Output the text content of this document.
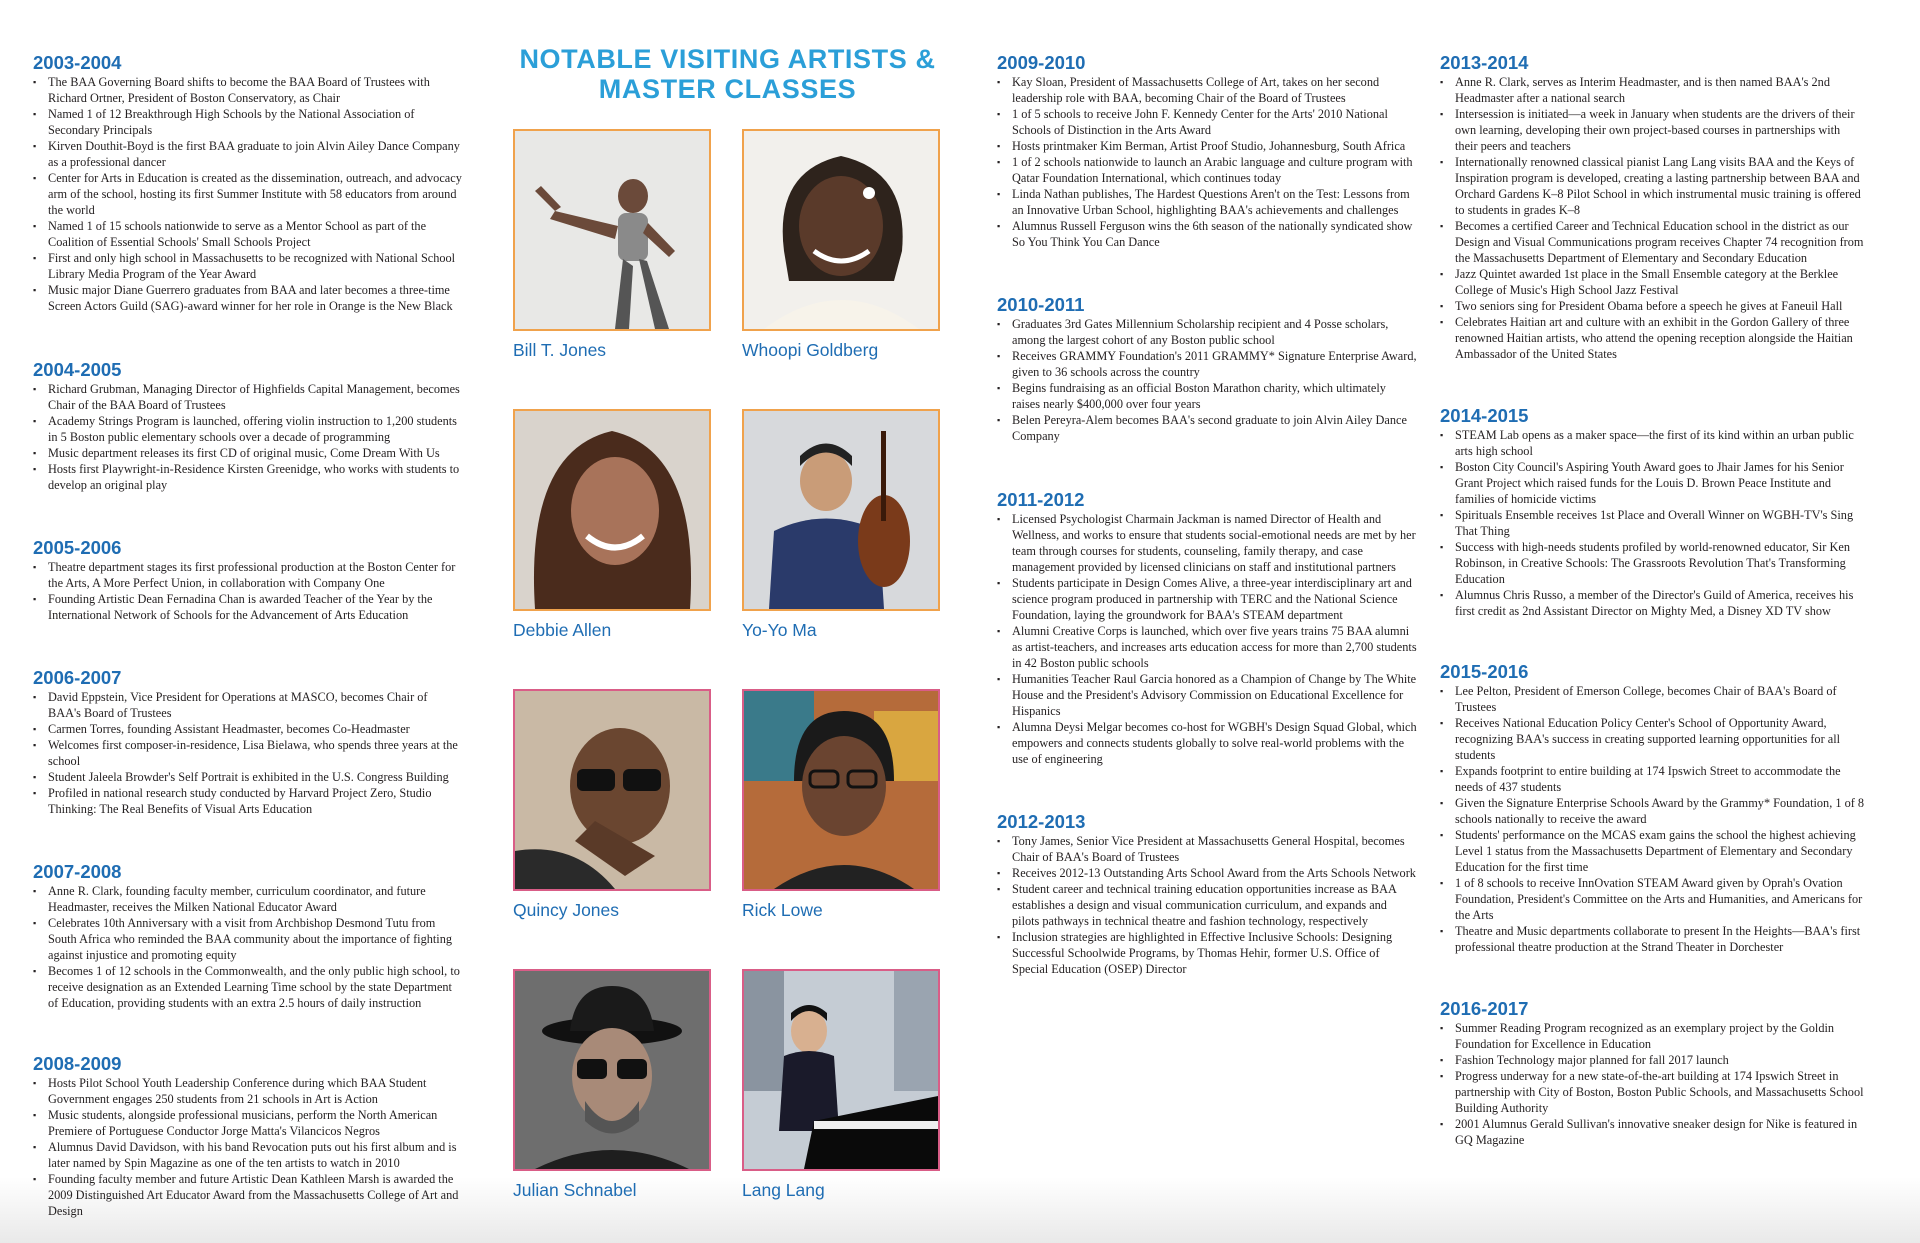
2003-2004
▪ The BAA Governing Board shifts to become the BAA Board of Trustees with Richard Ortner, President of Boston Conservatory, as Chair
▪ Named 1 of 12 Breakthrough High Schools by the National Association of Secondary Principals
▪ Kirven Douthit-Boyd is the first BAA graduate to join Alvin Ailey Dance Company as a professional dancer
▪ Center for Arts in Education is created as the dissemination, outreach, and advocacy arm of the school, hosting its first Summer Institute with 58 educators from around the world
▪ Named 1 of 15 schools nationwide to serve as a Mentor School as part of the Coalition of Essential Schools' Small Schools Project
▪ First and only high school in Massachusetts to be recognized with National School Library Media Program of the Year Award
▪ Music major Diane Guerrero graduates from BAA and later becomes a three-time Screen Actors Guild (SAG)-award winner for her role in Orange is the New Black
2004-2005
▪ Richard Grubman, Managing Director of Highfields Capital Management, becomes Chair of the BAA Board of Trustees
▪ Academy Strings Program is launched, offering violin instruction to 1,200 students in 5 Boston public elementary schools over a decade of programming
▪ Music department releases its first CD of original music, Come Dream With Us
▪ Hosts first Playwright-in-Residence Kirsten Greenidge, who works with students to develop an original play
2005-2006
▪ Theatre department stages its first professional production at the Boston Center for the Arts, A More Perfect Union, in collaboration with Company One
▪ Founding Artistic Dean Fernadina Chan is awarded Teacher of the Year by the International Network of Schools for the Advancement of Arts Education
2006-2007
▪ David Eppstein, Vice President for Operations at MASCO, becomes Chair of BAA's Board of Trustees
▪ Carmen Torres, founding Assistant Headmaster, becomes Co-Headmaster
▪ Welcomes first composer-in-residence, Lisa Bielawa, who spends three years at the school
▪ Student Jaleela Browder's Self Portrait is exhibited in the U.S. Congress Building
▪ Profiled in national research study conducted by Harvard Project Zero, Studio Thinking: The Real Benefits of Visual Arts Education
2007-2008
▪ Anne R. Clark, founding faculty member, curriculum coordinator, and future Headmaster, receives the Milken National Educator Award
▪ Celebrates 10th Anniversary with a visit from Archbishop Desmond Tutu from South Africa who reminded the BAA community about the importance of fighting against injustice and promoting equity
▪ Becomes 1 of 12 schools in the Commonwealth, and the only public high school, to receive designation as an Extended Learning Time school by the state Department of Education, providing students with an extra 2.5 hours of daily instruction
2008-2009
▪ Hosts Pilot School Youth Leadership Conference during which BAA Student Government engages 250 students from 21 schools in Art is Action
▪ Music students, alongside professional musicians, perform the North American Premiere of Portuguese Conductor Jorge Matta's Vilancicos Negros
▪ Alumnus David Davidson, with his band Revocation puts out his first album and is later named by Spin Magazine as one of the ten artists to watch in 2010
▪ Founding faculty member and future Artistic Dean Kathleen Marsh is awarded the 2009 Distinguished Art Educator Award from the Massachusetts College of Art and Design
NOTABLE VISITING ARTISTS &
MASTER CLASSES
Bill T. Jones	Whoopi Goldberg
Debbie Allen	Yo-Yo Ma
Quincy Jones	Rick Lowe
Julian Schnabel	Lang Lang
2009-2010
▪ Kay Sloan, President of Massachusetts College of Art, takes on her second leadership role with BAA, becoming Chair of the Board of Trustees
▪ 1 of 5 schools to receive John F. Kennedy Center for the Arts' 2010 National Schools of Distinction in the Arts Award
▪ Hosts printmaker Kim Berman, Artist Proof Studio, Johannesburg, South Africa
▪ 1 of 2 schools nationwide to launch an Arabic language and culture program with Qatar Foundation International, which continues today
▪ Linda Nathan publishes, The Hardest Questions Aren't on the Test: Lessons from an Innovative Urban School, highlighting BAA's achievements and challenges
▪ Alumnus Russell Ferguson wins the 6th season of the nationally syndicated show So You Think You Can Dance
2010-2011
▪ Graduates 3rd Gates Millennium Scholarship recipient and 4 Posse scholars, among the largest cohort of any Boston public school
▪ Receives GRAMMY Foundation's 2011 GRAMMY* Signature Enterprise Award, given to 36 schools across the country
▪ Begins fundraising as an official Boston Marathon charity, which ultimately raises nearly $400,000 over four years
▪ Belen Pereyra-Alem becomes BAA's second graduate to join Alvin Ailey Dance Company
2011-2012
▪ Licensed Psychologist Charmain Jackman is named Director of Health and Wellness, and works to ensure that students social-emotional needs are met by her team through courses for students, counseling, family therapy, and case management provided by licensed clinicians on staff and institutional partners
▪ Students participate in Design Comes Alive, a three-year interdisciplinary art and science program produced in partnership with TERC and the National Science Foundation, laying the groundwork for BAA's STEAM department
▪ Alumni Creative Corps is launched, which over five years trains 75 BAA alumni as artist-teachers, and increases arts education access for more than 2,700 students in 42 Boston public schools
▪ Humanities Teacher Raul Garcia honored as a Champion of Change by The White House and the President's Advisory Commission on Educational Excellence for Hispanics
▪ Alumna Deysi Melgar becomes co-host for WGBH's Design Squad Global, which empowers and connects students globally to solve real-world problems with the use of engineering
2012-2013
▪ Tony James, Senior Vice President at Massachusetts General Hospital, becomes Chair of BAA's Board of Trustees
▪ Receives 2012-13 Outstanding Arts School Award from the Arts Schools Network
▪ Student career and technical training education opportunities increase as BAA establishes a design and visual communication curriculum, and expands and pilots pathways in technical theatre and fashion technology, respectively
▪ Inclusion strategies are highlighted in Effective Inclusive Schools: Designing Successful Schoolwide Programs, by Thomas Hehir, former U.S. Office of Special Education (OSEP) Director
2013-2014
▪ Anne R. Clark, serves as Interim Headmaster, and is then named BAA's 2nd Headmaster after a national search
▪ Intersession is initiated—a week in January when students are the drivers of their own learning, developing their own project-based courses in partnerships with their peers and teachers
▪ Internationally renowned classical pianist Lang Lang visits BAA and the Keys of Inspiration program is developed, creating a lasting partnership between BAA and Orchard Gardens K–8 Pilot School in which instrumental music training is offered to students in grades K–8
▪ Becomes a certified Career and Technical Education school in the district as our Design and Visual Communications program receives Chapter 74 recognition from the Massachusetts Department of Elementary and Secondary Education
▪ Jazz Quintet awarded 1st place in the Small Ensemble category at the Berklee College of Music's High School Jazz Festival
▪ Two seniors sing for President Obama before a speech he gives at Faneuil Hall
▪ Celebrates Haitian art and culture with an exhibit in the Gordon Gallery of three renowned Haitian artists, who attend the opening reception alongside the Haitian Ambassador of the United States
2014-2015
▪ STEAM Lab opens as a maker space—the first of its kind within an urban public arts high school
▪ Boston City Council's Aspiring Youth Award goes to Jhair James for his Senior Grant Project which raised funds for the Louis D. Brown Peace Institute and families of homicide victims
▪ Spirituals Ensemble receives 1st Place and Overall Winner on WGBH-TV's Sing That Thing
▪ Success with high-needs students profiled by world-renowned educator, Sir Ken Robinson, in Creative Schools: The Grassroots Revolution That's Transforming Education
▪ Alumnus Chris Russo, a member of the Director's Guild of America, receives his first credit as 2nd Assistant Director on Mighty Med, a Disney XD TV show
2015-2016
▪ Lee Pelton, President of Emerson College, becomes Chair of BAA's Board of Trustees
▪ Receives National Education Policy Center's School of Opportunity Award, recognizing BAA's success in creating supported learning opportunities for all students
▪ Expands footprint to entire building at 174 Ipswich Street to accommodate the needs of 437 students
▪ Given the Signature Enterprise Schools Award by the Grammy* Foundation, 1 of 8 schools nationally to receive the award
▪ Students' performance on the MCAS exam gains the school the highest achieving Level 1 status from the Massachusetts Department of Elementary and Secondary Education for the first time
▪ 1 of 8 schools to receive InnOvation STEAM Award given by Oprah's Ovation Foundation, President's Committee on the Arts and Humanities, and Americans for the Arts
▪ Theatre and Music departments collaborate to present In the Heights—BAA's first professional theatre production at the Strand Theater in Dorchester
2016-2017
▪ Summer Reading Program recognized as an exemplary project by the Goldin Foundation for Excellence in Education
▪ Fashion Technology major planned for fall 2017 launch
▪ Progress underway for a new state-of-the-art building at 174 Ipswich Street in partnership with City of Boston, Boston Public Schools, and Massachusetts School Building Authority
▪ 2001 Alumnus Gerald Sullivan's innovative sneaker design for Nike is featured in GQ Magazine
